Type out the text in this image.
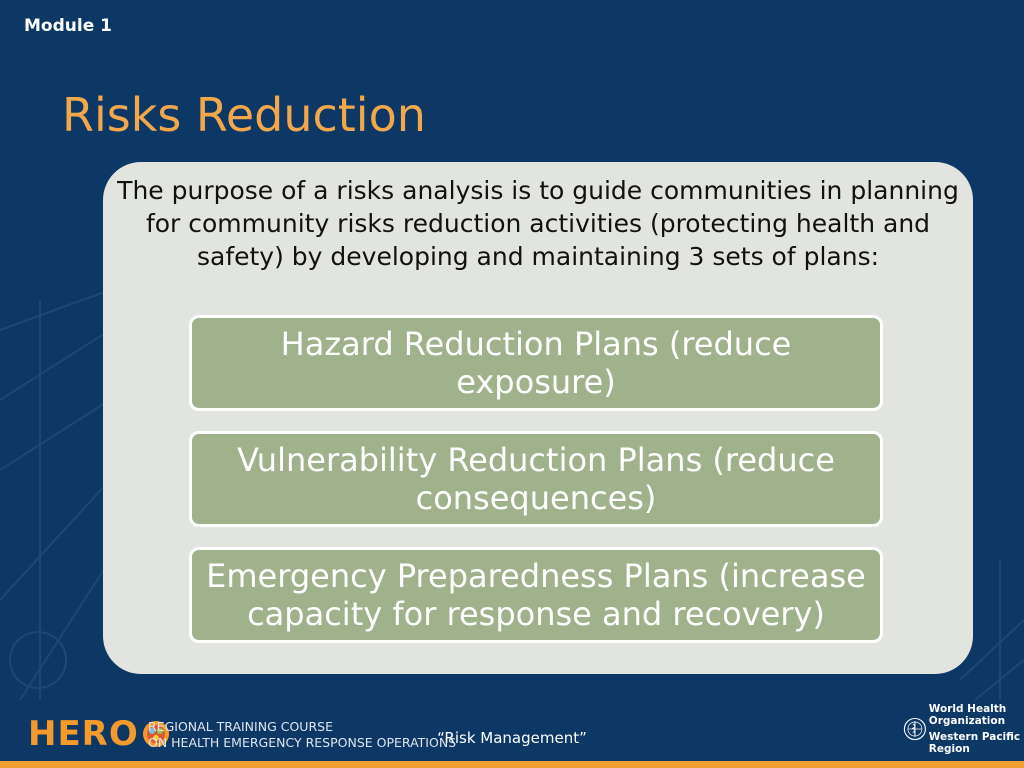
Module 1
Risks Reduction
The purpose of a risks analysis is to guide communities in planning for community risks reduction activities (protecting health and safety) by developing and maintaining 3 sets of plans:
Hazard Reduction Plans (reduce exposure)
Vulnerability Reduction Plans (reduce consequences)
Emergency Preparedness Plans (increase capacity for response and recovery)
HERO REGIONAL TRAINING COURSE
ON HEALTH EMERGENCY RESPONSE OPERATIONS
“Risk Management”
World Health
Organization
Western Pacific Region
